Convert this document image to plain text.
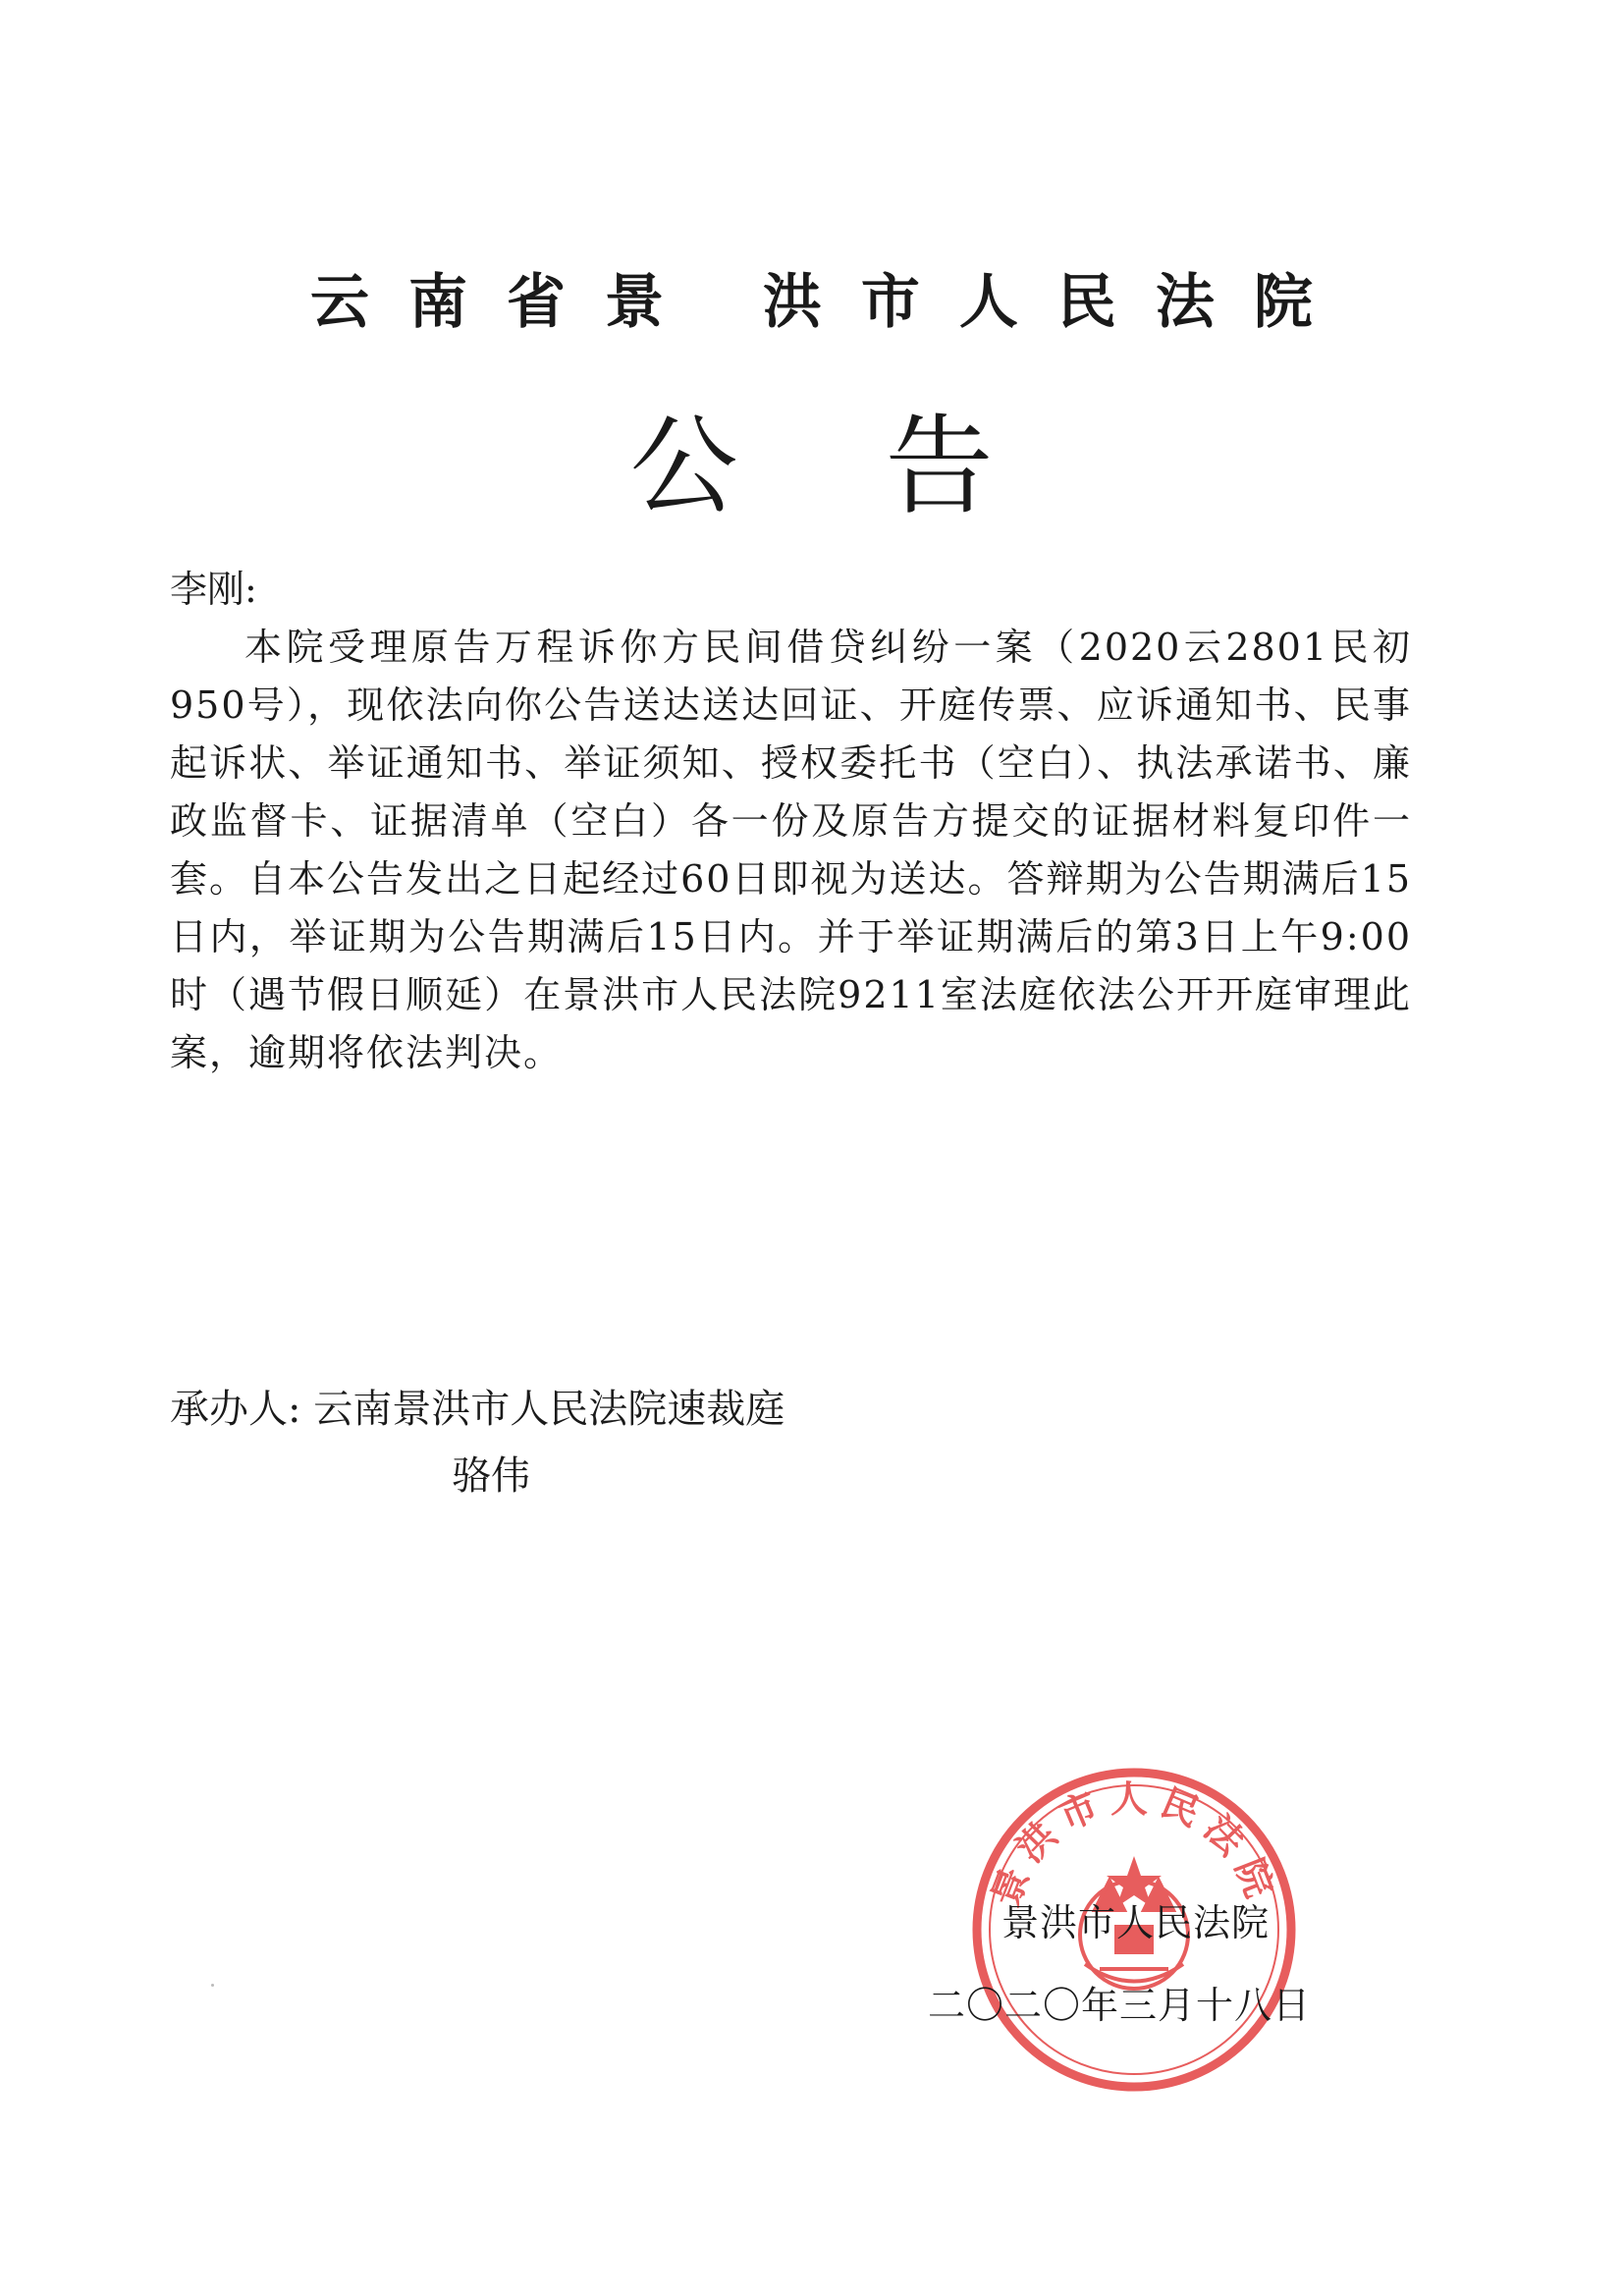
云南省景 洪市人民法院
公告
李刚:
本院受理原告万程诉你方民间借贷纠纷一案（2020云2801民初950号），现依法向你公告送达送达回证、开庭传票、应诉通知书、民事起诉状、举证通知书、举证须知、授权委托书（空白）、执法承诺书、廉政监督卡、证据清单（空白）各一份及原告方提交的证据材料复印件一套。自本公告发出之日起经过60日即视为送达。答辩期为公告期满后15日内，举证期为公告期满后15日内。并于举证期满后的第3日上午9:00时（遇节假日顺延）在景洪市人民法院9211室法庭依法公开开庭审理此案，逾期将依法判决。
承办人: 云南景洪市人民法院速裁庭
骆伟
景洪市人民法院
景洪市人民法院
二〇二〇年三月十八日
